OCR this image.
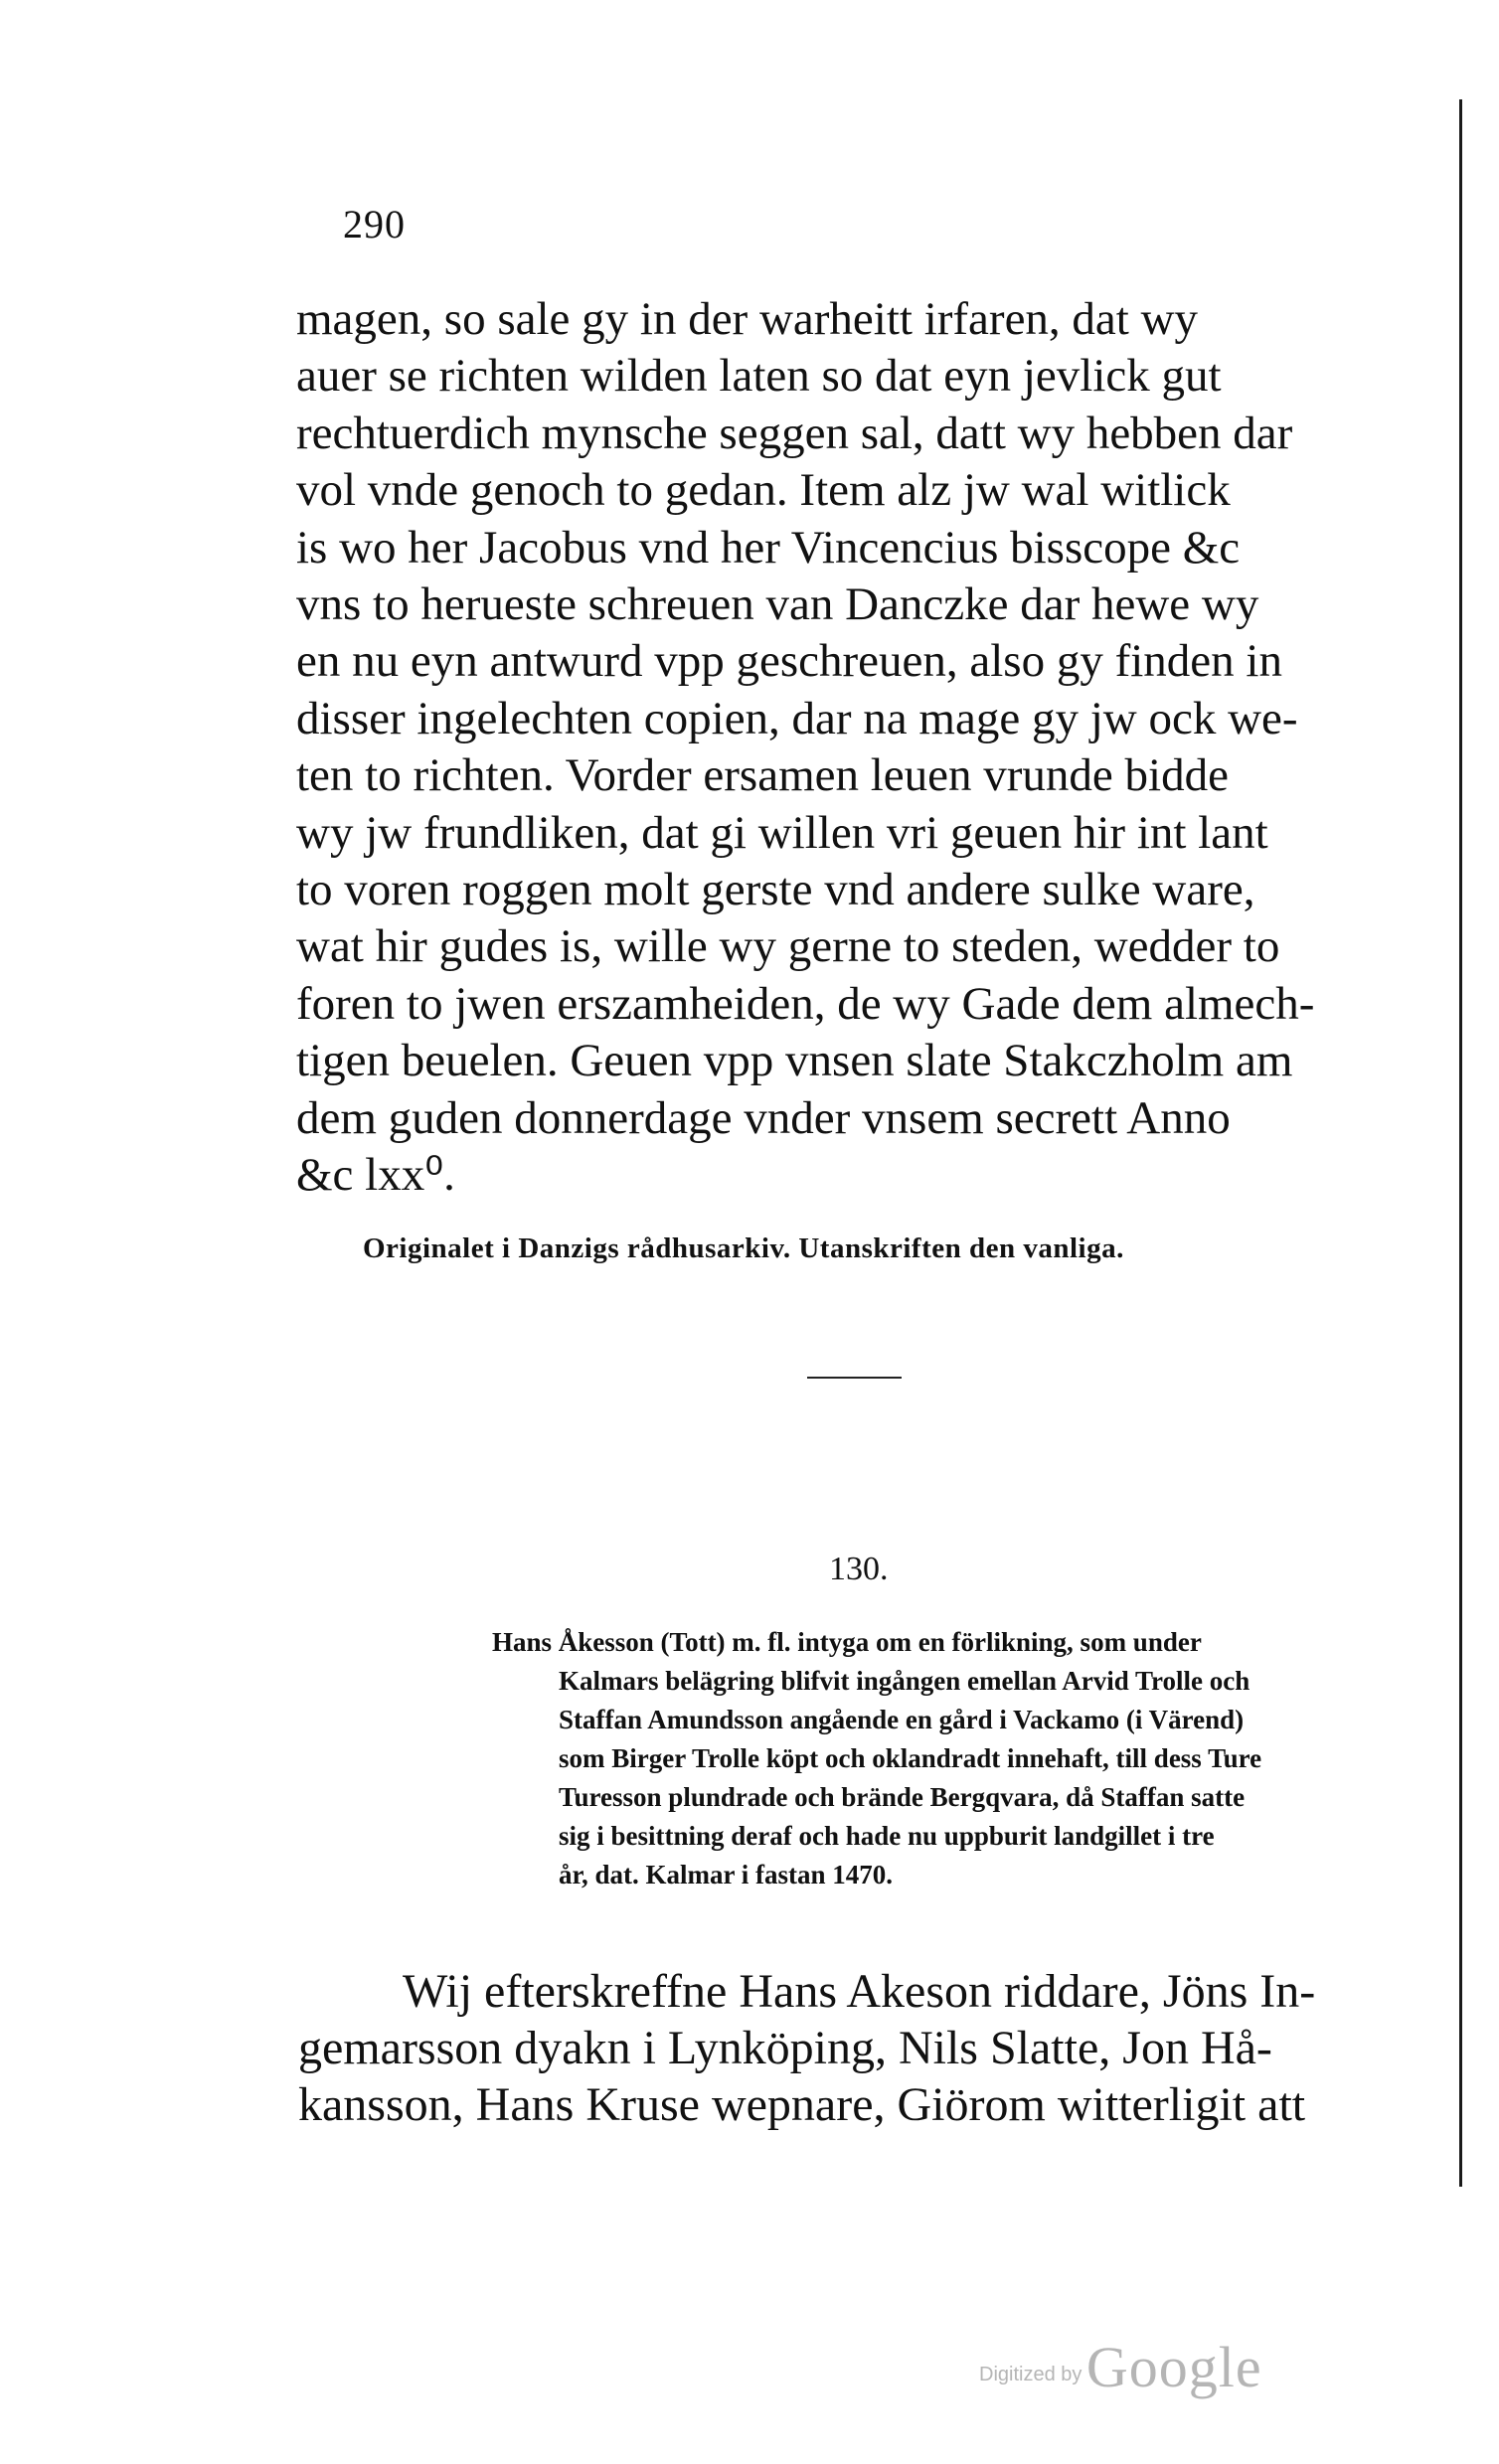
290
magen, so sale gy in der warheitt irfaren, dat wy
auer se richten wilden laten so dat eyn jevlick gut
rechtuerdich mynsche seggen sal, datt wy hebben dar
vol vnde genoch to gedan. Item alz jw wal witlick
is wo her Jacobus vnd her Vincencius bisscope &c
vns to herueste schreuen van Danczke dar hewe wy
en nu eyn antwurd vpp geschreuen, also gy finden in
disser ingelechten copien, dar na mage gy jw ock we-
ten to richten. Vorder ersamen leuen vrunde bidde
wy jw frundliken, dat gi willen vri geuen hir int lant
to voren roggen molt gerste vnd andere sulke ware,
wat hir gudes is, wille wy gerne to steden, wedder to
foren to jwen erszamheiden, de wy Gade dem almech-
tigen beuelen. Geuen vpp vnsen slate Stakczholm am
dem guden donnerdage vnder vnsem secrett Anno
&c lxx⁰.
Originalet i Danzigs rådhusarkiv. Utanskriften den vanliga.
130.
Hans Åkesson (Tott) m. fl. intyga om en förlikning, som under
Kalmars belägring blifvit ingången emellan Arvid Trolle och
Staffan Amundsson angående en gård i Vackamo (i Värend)
som Birger Trolle köpt och oklandradt innehaft, till dess Ture
Turesson plundrade och brände Bergqvara, då Staffan satte
sig i besittning deraf och hade nu uppburit landgillet i tre
år, dat. Kalmar i fastan 1470.
Wij efterskreffne Hans Akeson riddare, Jöns In-
gemarsson dyakn i Lynköping, Nils Slatte, Jon Hå-
kansson, Hans Kruse wepnare, Giörom witterligit att
Digitized by Google
